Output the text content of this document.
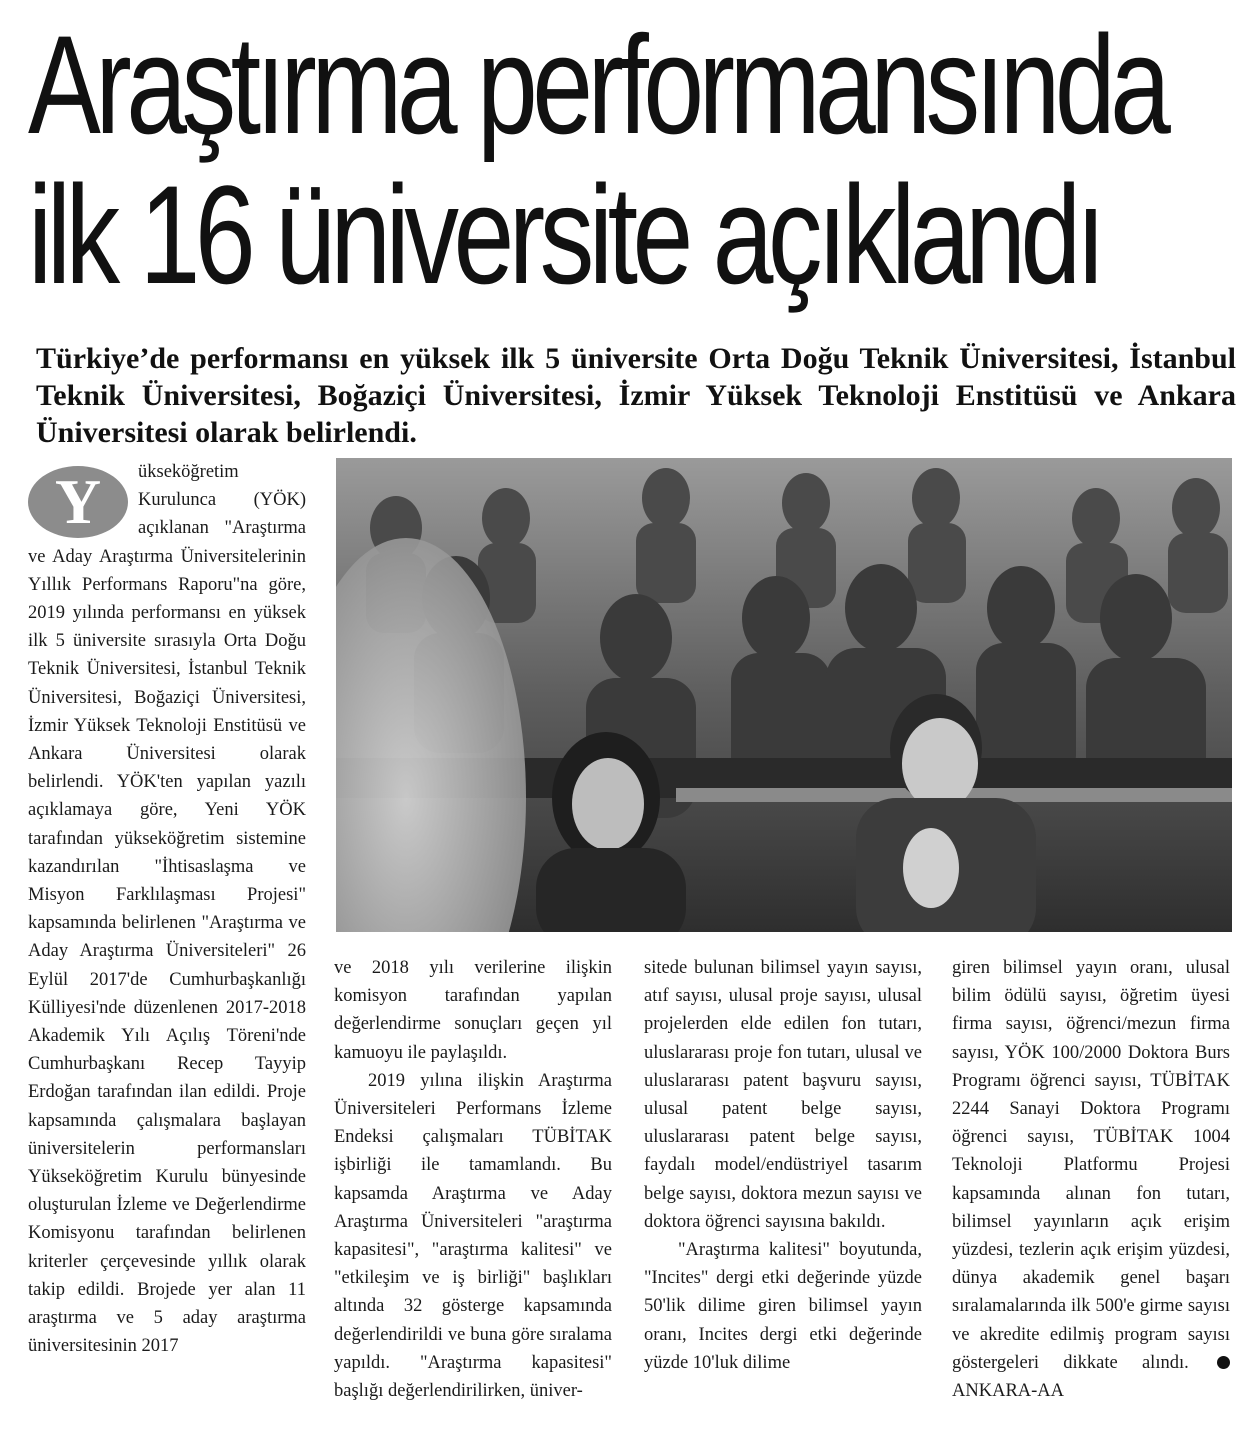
Araştırma performansında
ilk 16 üniversite açıklandı

Türkiye’de performansı en yüksek ilk 5 üniversite Orta Doğu Teknik Üniversitesi, İstanbul Teknik Üniversitesi, Boğaziçi Üniversitesi, İzmir Yüksek Teknoloji Enstitüsü ve Ankara Üniversitesi olarak belirlendi.

Y	ükseköğretim Kurulunca (YÖK) açıklanan "Araştırma ve Aday Araştırma Üniversitelerinin Yıllık Performans Raporu"na göre, 2019 yılında performansı en yüksek ilk 5 üniversite sırasıyla Orta Doğu Teknik Üniversitesi, İstanbul Teknik Üniversitesi, Boğaziçi Üniversitesi, İzmir Yüksek Teknoloji Enstitüsü ve Ankara Üniversitesi olarak belirlendi. YÖK'ten yapılan yazılı açıklamaya göre, Yeni YÖK tarafından yükseköğretim sistemine kazandırılan "İhtisaslaşma ve Misyon Farklılaşması Projesi" kapsamında belirlenen "Araştırma ve Aday Araştırma Üniversiteleri" 26 Eylül 2017'de Cumhurbaşkanlığı Külliyesi'nde düzenlenen 2017-2018 Akademik Yılı Açılış Töreni'nde Cumhurbaşkanı Recep Tayyip Erdoğan tarafından ilan edildi. Proje kapsamında çalışmalara başlayan üniversitelerin performansları Yükseköğretim Kurulu bünyesinde oluşturulan İzleme ve Değerlendirme Komisyonu tarafından belirlenen kriterler çerçevesinde yıllık olarak takip edildi. Brojede yer alan 11 araştırma ve 5 aday araştırma üniversitesinin 2017

ve 2018 yılı verilerine ilişkin komisyon tarafından yapılan değerlendirme sonuçları geçen yıl kamuoyu ile paylaşıldı.

2019 yılına ilişkin Araştırma Üniversiteleri Performans İzleme Endeksi çalışmaları TÜBİTAK işbirliği ile tamamlandı. Bu kapsamda Araştırma ve Aday Araştırma Üniversiteleri "araştırma kapasitesi", "araştırma kalitesi" ve "etkileşim ve iş birliği" başlıkları altında 32 gösterge kapsamında değerlendirildi ve buna göre sıralama yapıldı. "Araştırma kapasitesi" başlığı değerlendirilirken, üniver-

sitede bulunan bilimsel yayın sayısı, atıf sayısı, ulusal proje sayısı, ulusal projelerden elde edilen fon tutarı, uluslararası proje fon tutarı, ulusal ve uluslararası patent başvuru sayısı, ulusal patent belge sayısı, uluslararası patent belge sayısı, faydalı model/endüstriyel tasarım belge sayısı, doktora mezun sayısı ve doktora öğrenci sayısına bakıldı.

"Araştırma kalitesi" boyutunda, "Incites" dergi etki değerinde yüzde 50'lik dilime giren bilimsel yayın oranı, Incites dergi etki değerinde yüzde 10'luk dilime

giren bilimsel yayın oranı, ulusal bilim ödülü sayısı, öğretim üyesi firma sayısı, öğrenci/mezun firma sayısı, YÖK 100/2000 Doktora Burs Programı öğrenci sayısı, TÜBİTAK 2244 Sanayi Doktora Programı öğrenci sayısı, TÜBİTAK 1004 Teknoloji Platformu Projesi kapsamında alınan fon tutarı, bilimsel yayınların açık erişim yüzdesi, tezlerin açık erişim yüzdesi, dünya akademik genel başarı sıralamalarında ilk 500'e girme sayısı ve akredite edilmiş program sayısı göstergeleri dikkate alındı. ANKARA-AA
